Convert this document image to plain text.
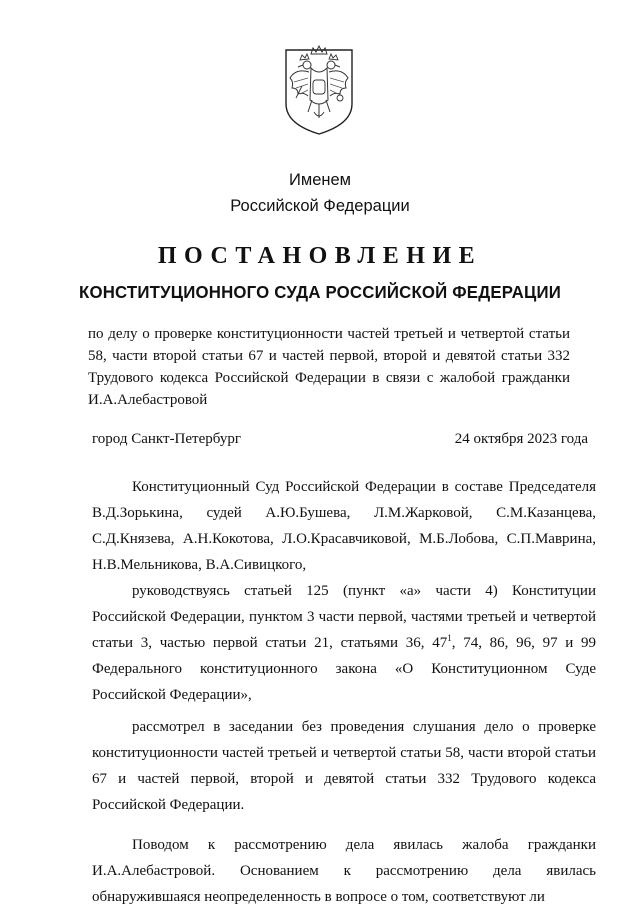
Именем
Российской Федерации
ПОСТАНОВЛЕНИЕ
КОНСТИТУЦИОННОГО СУДА РОССИЙСКОЙ ФЕДЕРАЦИИ
по делу о проверке конституционности частей третьей и четвертой статьи 58, части второй статьи 67 и частей первой, второй и девятой статьи 332 Трудового кодекса Российской Федерации в связи с жалобой гражданки И.А.Алебастровой
город Санкт-Петербург	24 октября 2023 года

Конституционный Суд Российской Федерации в составе Председателя В.Д.Зорькина, судей А.Ю.Бушева, Л.М.Жарковой, С.М.Казанцева, С.Д.Князева, А.Н.Кокотова, Л.О.Красавчиковой, М.Б.Лобова, С.П.Маврина, Н.В.Мельникова, В.А.Сивицкого,

руководствуясь статьей 125 (пункт «а» части 4) Конституции Российской Федерации, пунктом 3 части первой, частями третьей и четвертой статьи 3, частью первой статьи 21, статьями 36, $47^1$, 74, 86, 96, 97 и 99 Федерального конституционного закона «О Конституционном Суде Российской Федерации»,

рассмотрел в заседании без проведения слушания дело о проверке конституционности частей третьей и четвертой статьи 58, части второй статьи 67 и частей первой, второй и девятой статьи 332 Трудового кодекса Российской Федерации.

Поводом к рассмотрению дела явилась жалоба гражданки И.А.Алебастровой. Основанием к рассмотрению дела явилась обнаружившаяся неопределенность в вопросе о том, соответствуют ли
